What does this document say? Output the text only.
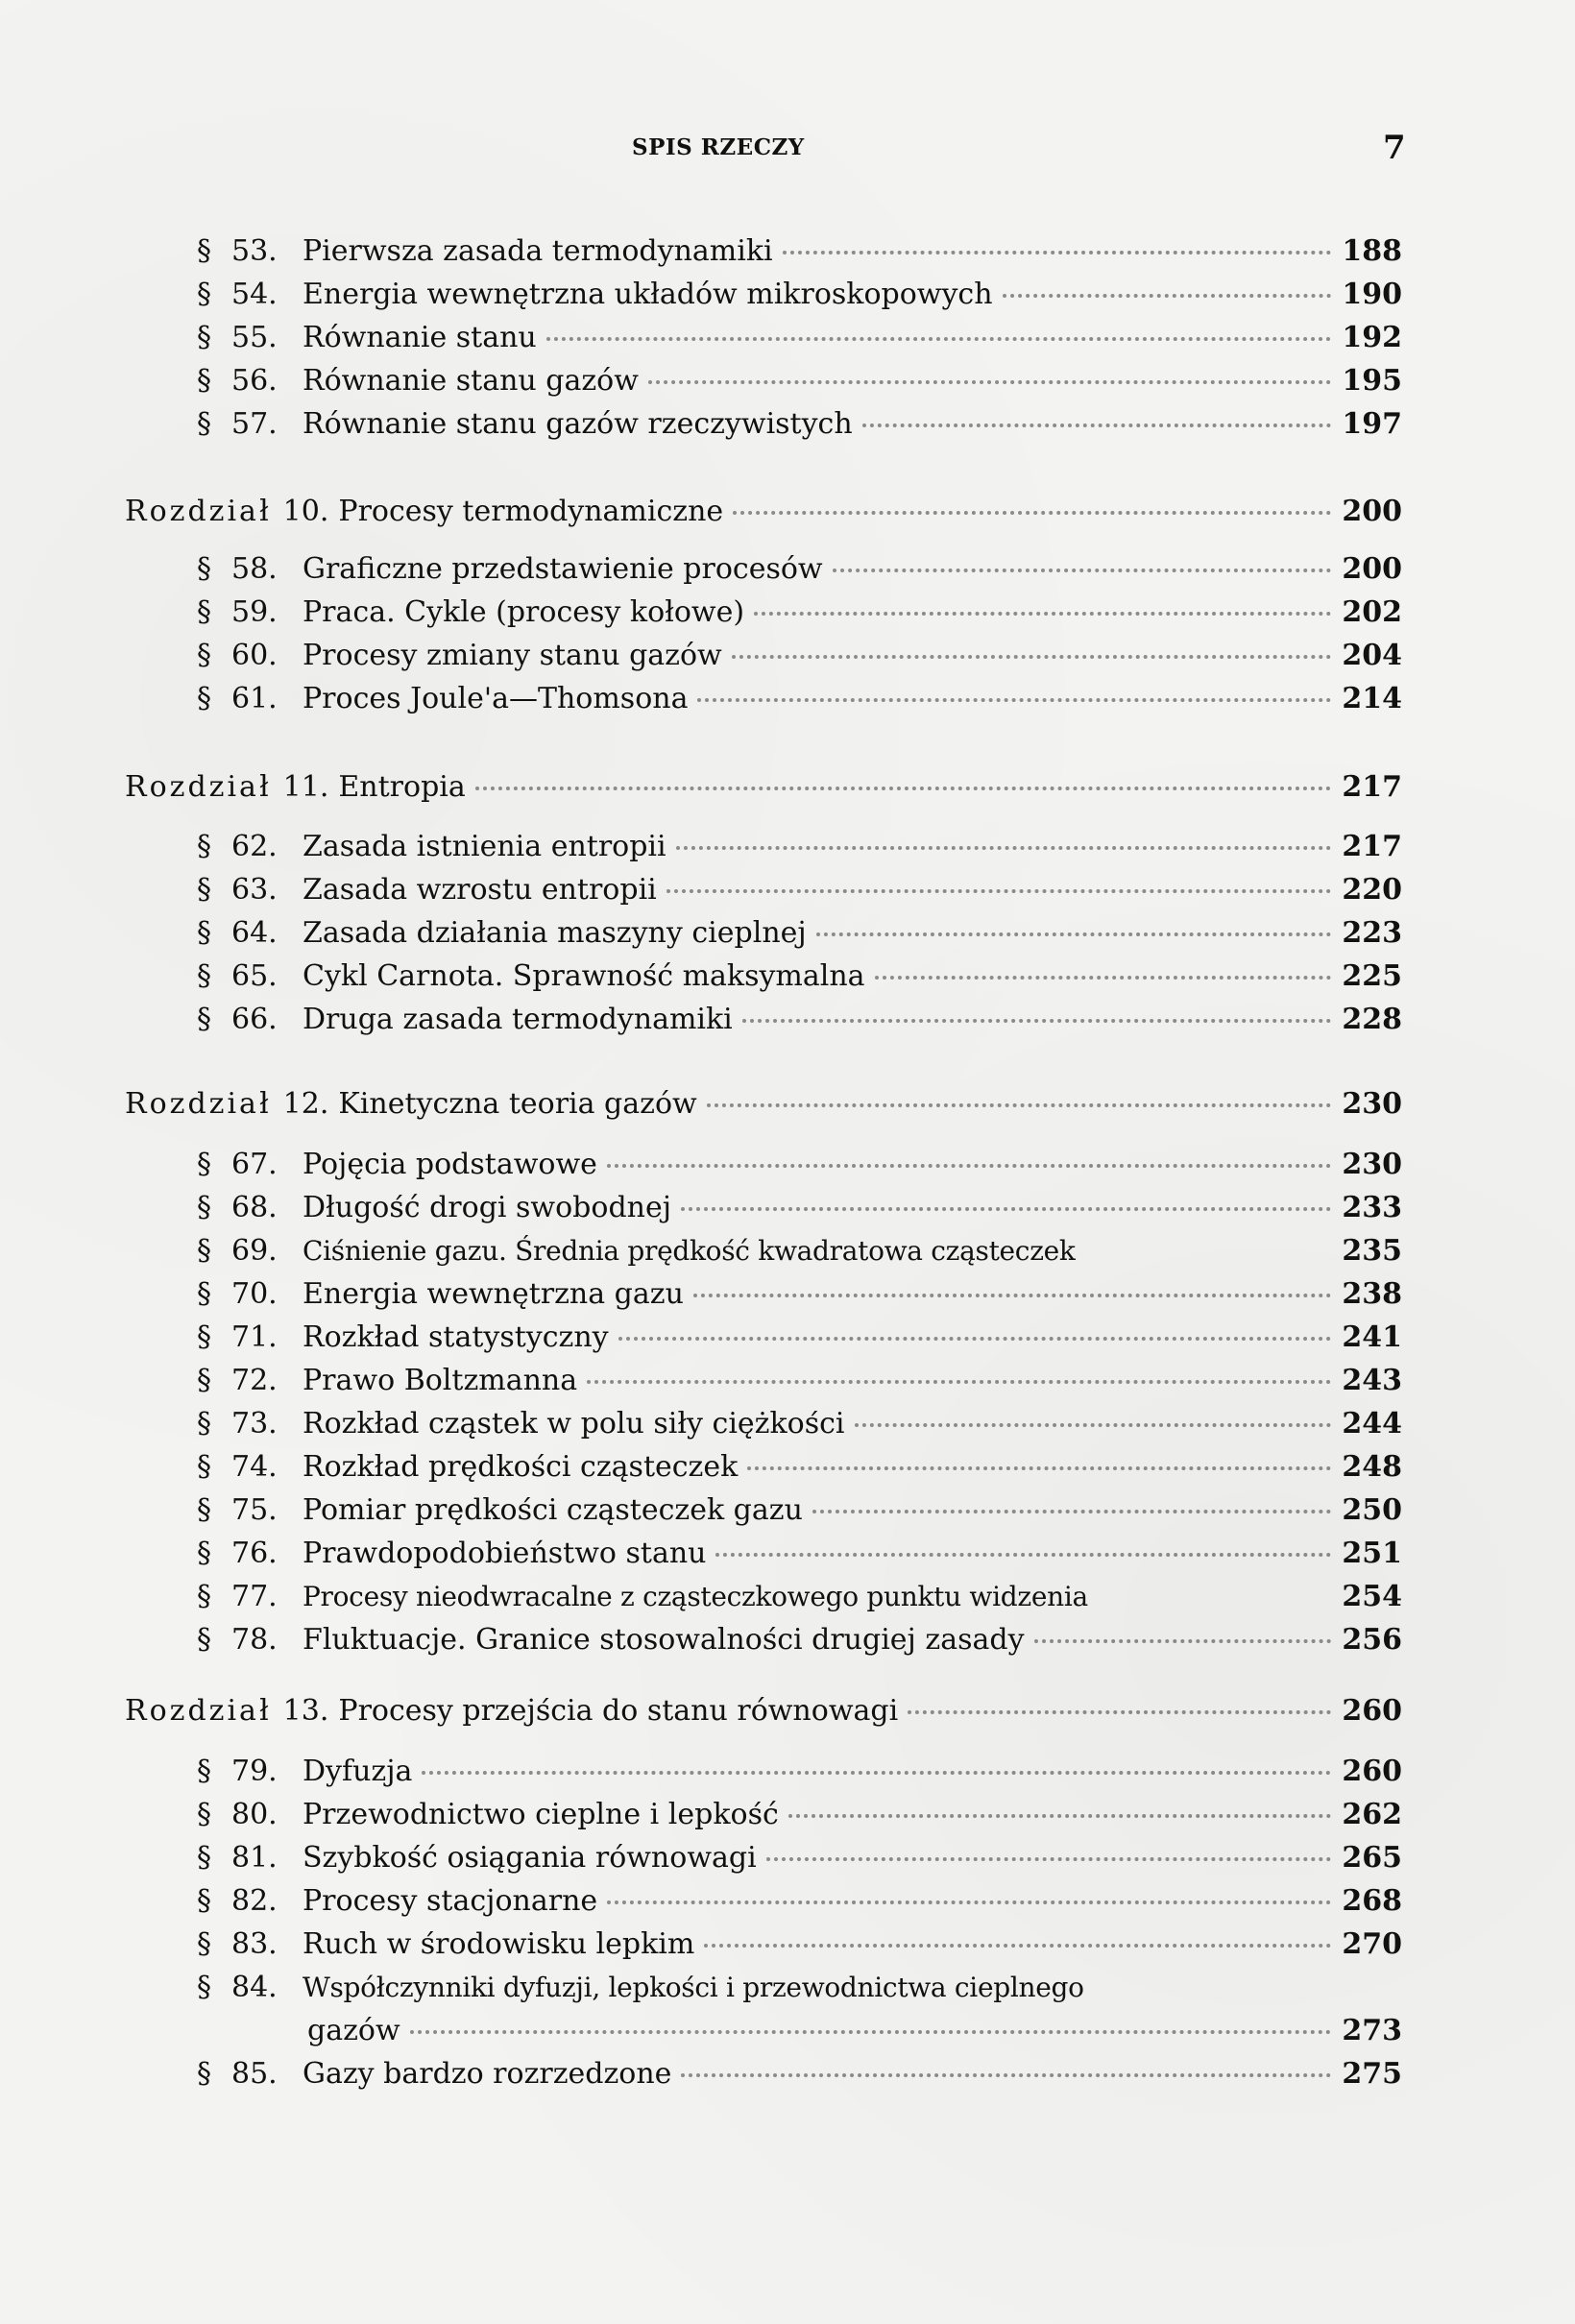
SPIS RZECZY	7
§ 53. Pierwsza zasada termodynamiki	188
§ 54. Energia wewnętrzna układów mikroskopowych	190
§ 55. Równanie stanu	192
§ 56. Równanie stanu gazów	195
§ 57. Równanie stanu gazów rzeczywistych	197
Rozdział 10. Procesy termodynamiczne	200
§ 58. Graficzne przedstawienie procesów	200
§ 59. Praca. Cykle (procesy kołowe)	202
§ 60. Procesy zmiany stanu gazów	204
§ 61. Proces Joule'a—Thomsona	214
Rozdział 11. Entropia	217
§ 62. Zasada istnienia entropii	217
§ 63. Zasada wzrostu entropii	220
§ 64. Zasada działania maszyny cieplnej	223
§ 65. Cykl Carnota. Sprawność maksymalna	225
§ 66. Druga zasada termodynamiki	228
Rozdział 12. Kinetyczna teoria gazów	230
§ 67. Pojęcia podstawowe	230
§ 68. Długość drogi swobodnej	233
§ 69. Ciśnienie gazu. Średnia prędkość kwadratowa cząsteczek	235
§ 70. Energia wewnętrzna gazu	238
§ 71. Rozkład statystyczny	241
§ 72. Prawo Boltzmanna	243
§ 73. Rozkład cząstek w polu siły ciężkości	244
§ 74. Rozkład prędkości cząsteczek	248
§ 75. Pomiar prędkości cząsteczek gazu	250
§ 76. Prawdopodobieństwo stanu	251
§ 77. Procesy nieodwracalne z cząsteczkowego punktu widzenia	254
§ 78. Fluktuacje. Granice stosowalności drugiej zasady	256
Rozdział 13. Procesy przejścia do stanu równowagi	260
§ 79. Dyfuzja	260
§ 80. Przewodnictwo cieplne i lepkość	262
§ 81. Szybkość osiągania równowagi	265
§ 82. Procesy stacjonarne	268
§ 83. Ruch w środowisku lepkim	270
§ 84. Współczynniki dyfuzji, lepkości i przewodnictwa cieplnego
gazów	273
§ 85. Gazy bardzo rozrzedzone	275
